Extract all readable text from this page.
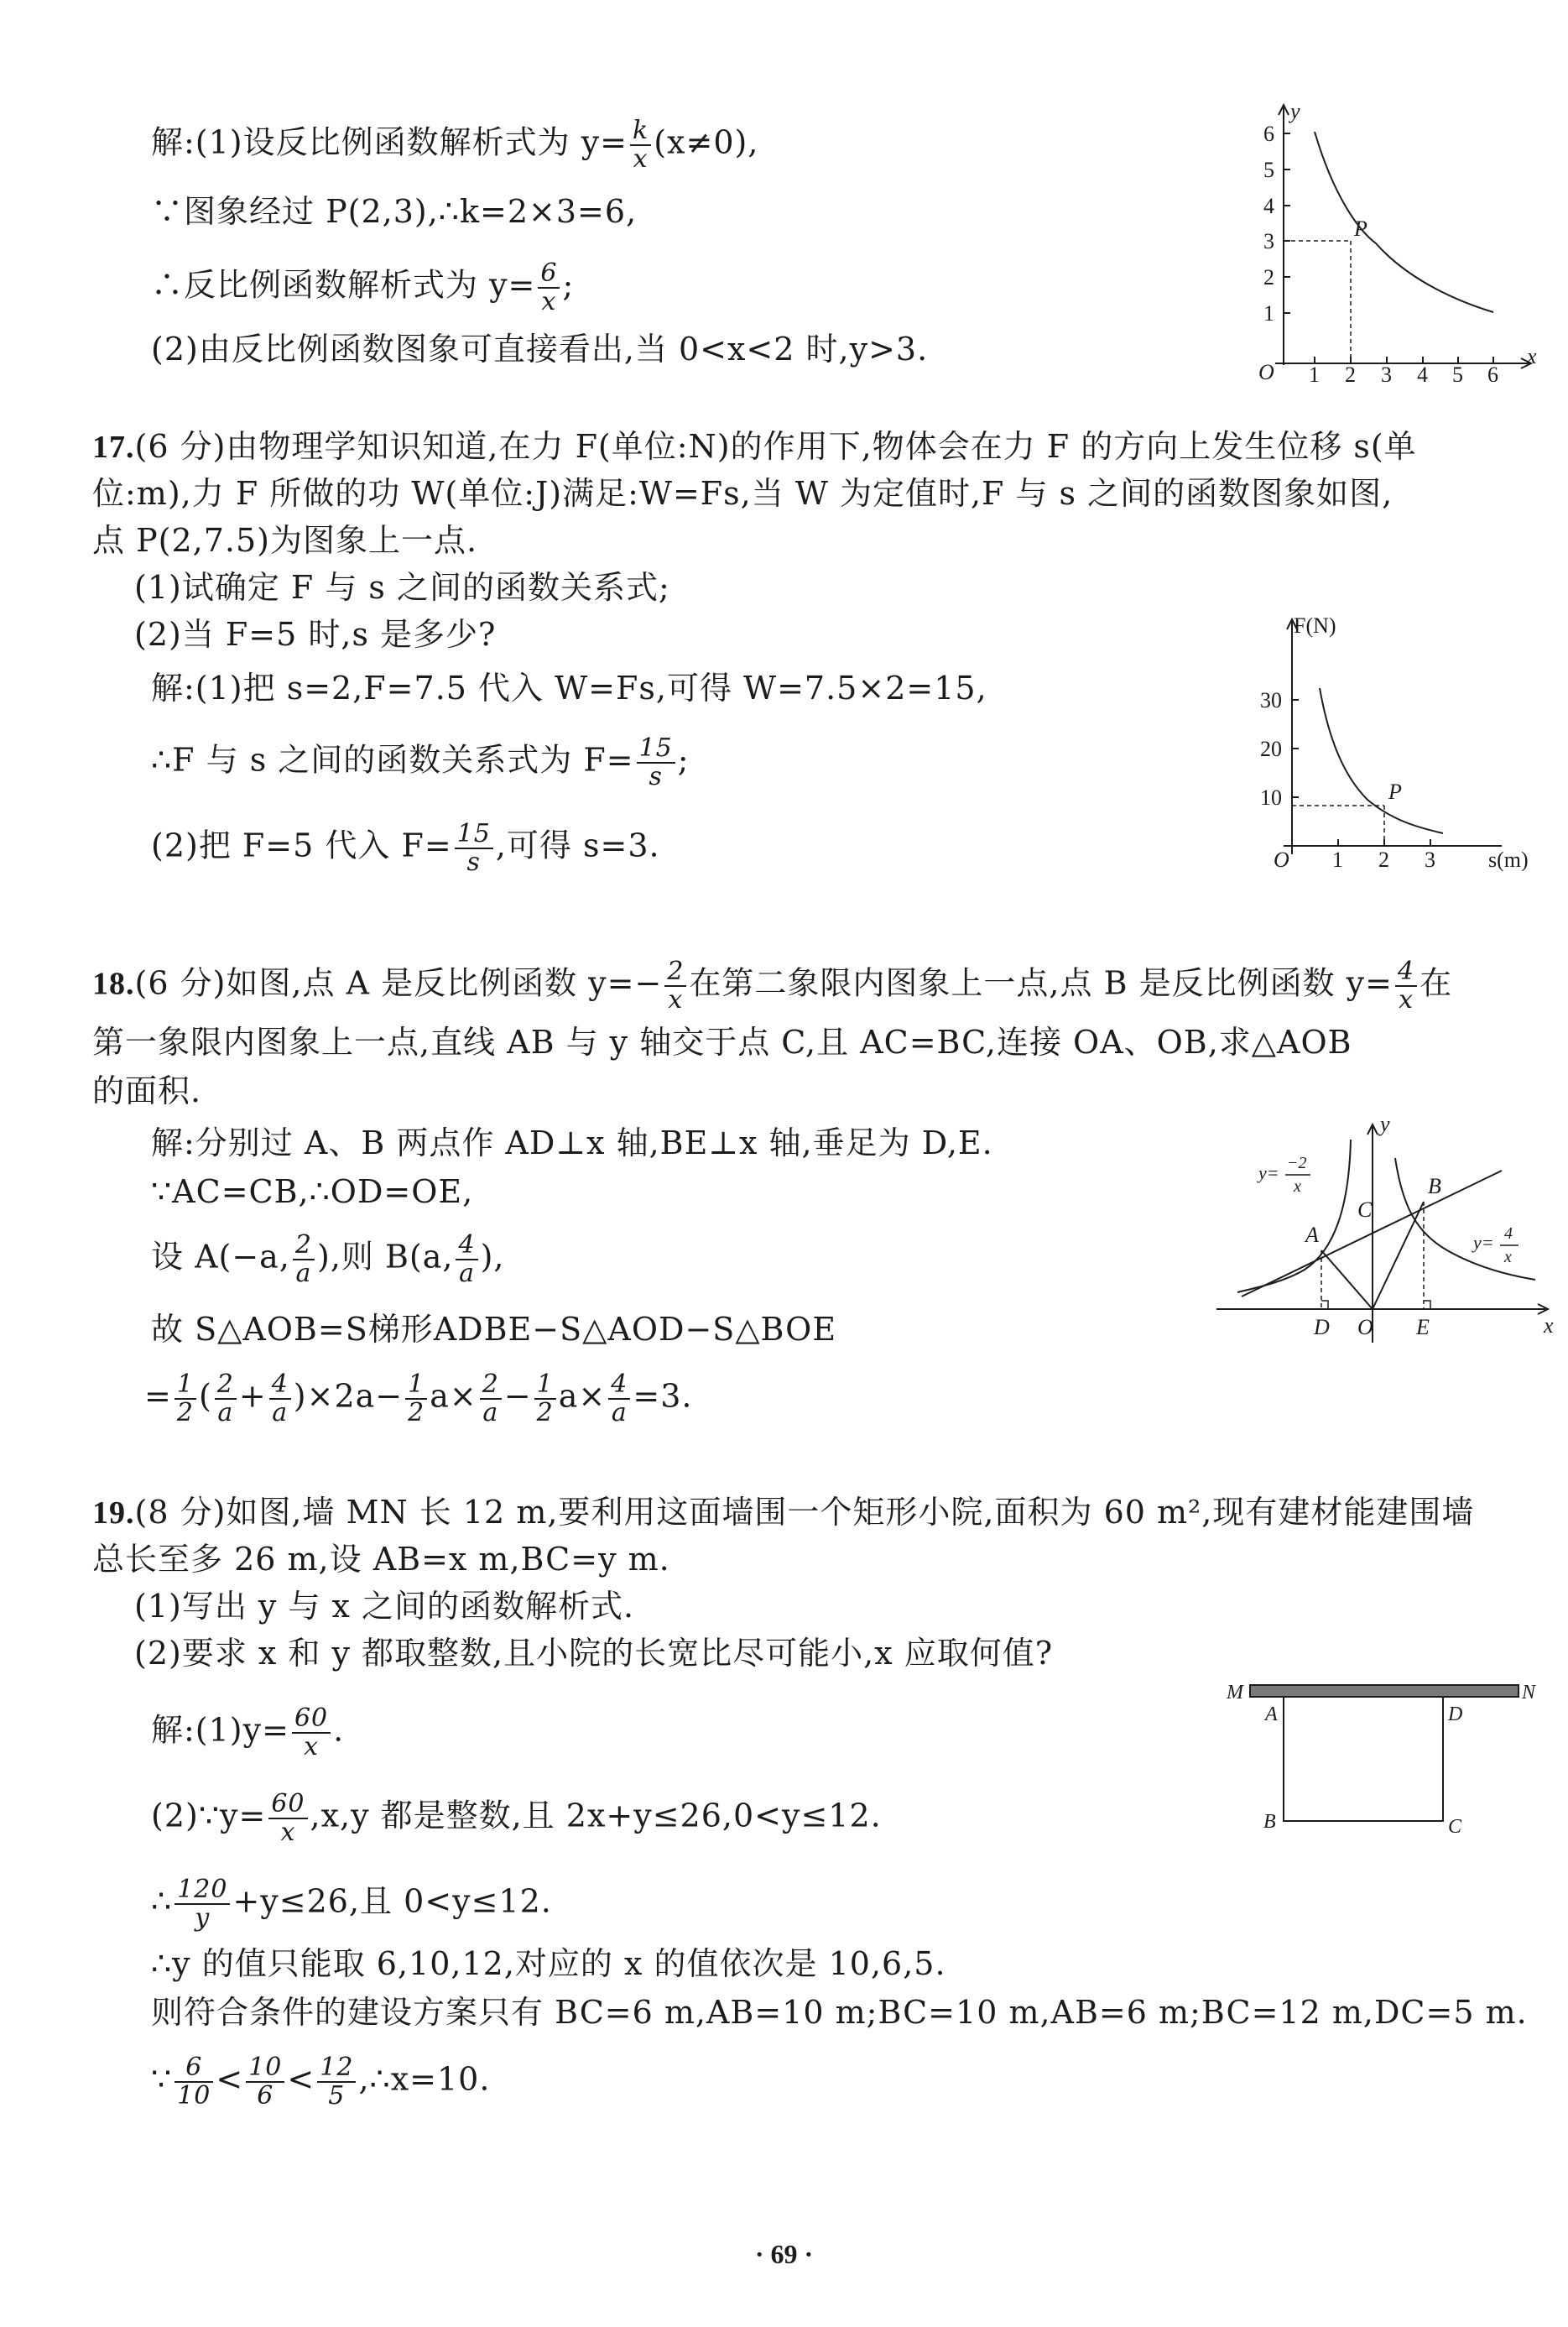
解:(1)设反比例函数解析式为 $y= \frac{k}{x} (x\ne 0)$,
∵图象经过 P(2,3),∴k=2×3=6,
∴反比例函数解析式为 $y= \frac{6}{x}$ ;
(2)由反比例函数图象可直接看出,当 0<x<2 时,y>3.
y
x
O
P
1
2
3
4
5
6
1 2 3 4 5 6
17.(6 分)由物理学知识知道,在力 F(单位:N)的作用下,物体会在力 F 的方向上发生位移 s(单
位:m),力 F 所做的功 W(单位:J)满足:W=Fs,当 W 为定值时,F 与 s 之间的函数图象如图,
点 P(2,7.5)为图象上一点.
(1)试确定 F 与 s 之间的函数关系式;
(2)当 F=5 时,s 是多少?
解:(1)把 s=2,F=7.5 代入 W=Fs,可得 W=7.5×2=15,
∴F 与 s 之间的函数关系式为 $F= \frac{15}{s}$ ;
(2)把 F=5 代入 $F= \frac{15}{s}$ ,可得 s=3.
F(N)
s(m)
O
P
10
20
30
1 2 3
18.(6 分)如图,点 A 是反比例函数 $y=- \frac{2}{x}$ 在第二象限内图象上一点,点 B 是反比例函数 $y= \frac{4}{x}$ 在
第一象限内图象上一点,直线 AB 与 y 轴交于点 C,且 AC=BC,连接 OA、OB,求△AOB
的面积.
解:分别过 A、B 两点作 AD⊥x 轴,BE⊥x 轴,垂足为 D,E.
∵AC=CB,∴OD=OE,
设 A(−a, $\frac{2}{a}$ ),则 B(a, $\frac{4}{a}$ ),
故 S△AOB=S梯形ADBE−S△AOD−S△BOE
= $\frac{1}{2}$ ( $\frac{2}{a} + \frac{4}{a} )\times 2a- \frac{1}{2} a\times \frac{2}{a} - \frac{1}{2} a\times \frac{4}{a} =3$.
y
x
A
B
C
D O E
y= −2
x
y= 4
x
19.(8 分)如图,墙 MN 长 12 m,要利用这面墙围一个矩形小院,面积为 60 m²,现有建材能建围墙
总长至多 26 m,设 AB=x m,BC=y m.
(1)写出 y 与 x 之间的函数解析式.
(2)要求 x 和 y 都取整数,且小院的长宽比尽可能小,x 应取何值?
解:(1)y= $\frac{60}{x}$ .
(2)∵y= $\frac{60}{x} ,x,y$ 都是整数,且 2x+y≤26,0<y≤12.
∴ $\frac{120}{y} +y\le 26$,且 0<y≤12.
∴y 的值只能取 6,10,12,对应的 x 的值依次是 10,6,5.
则符合条件的建设方案只有 BC=6 m,AB=10 m;BC=10 m,AB=6 m;BC=12 m,DC=5 m.
∵ $\frac{6}{10} < \frac{10}{6} < \frac{12}{5}$ ,∴x=10.
M	N
A	D
B	C
· 69 ·
